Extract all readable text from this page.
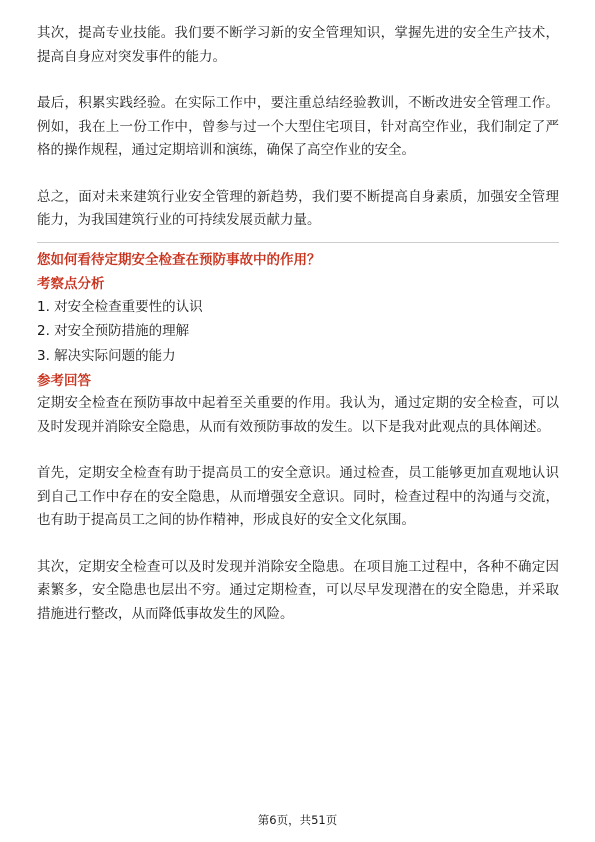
其次，提高专业技能。我们要不断学习新的安全管理知识，掌握先进的安全生产技术，提高自身应对突发事件的能力。

最后，积累实践经验。在实际工作中，要注重总结经验教训，不断改进安全管理工作。例如，我在上一份工作中，曾参与过一个大型住宅项目，针对高空作业，我们制定了严格的操作规程，通过定期培训和演练，确保了高空作业的安全。

总之，面对未来建筑行业安全管理的新趋势，我们要不断提高自身素质，加强安全管理能力，为我国建筑行业的可持续发展贡献力量。

您如何看待定期安全检查在预防事故中的作用？

考察点分析

1. 对安全检查重要性的认识
2. 对安全预防措施的理解
3. 解决实际问题的能力

参考回答

定期安全检查在预防事故中起着至关重要的作用。我认为，通过定期的安全检查，可以及时发现并消除安全隐患，从而有效预防事故的发生。以下是我对此观点的具体阐述。

首先，定期安全检查有助于提高员工的安全意识。通过检查，员工能够更加直观地认识到自己工作中存在的安全隐患，从而增强安全意识。同时，检查过程中的沟通与交流，也有助于提高员工之间的协作精神，形成良好的安全文化氛围。

其次，定期安全检查可以及时发现并消除安全隐患。在项目施工过程中，各种不确定因素繁多，安全隐患也层出不穷。通过定期检查，可以尽早发现潜在的安全隐患，并采取措施进行整改，从而降低事故发生的风险。

第6页，共51页
